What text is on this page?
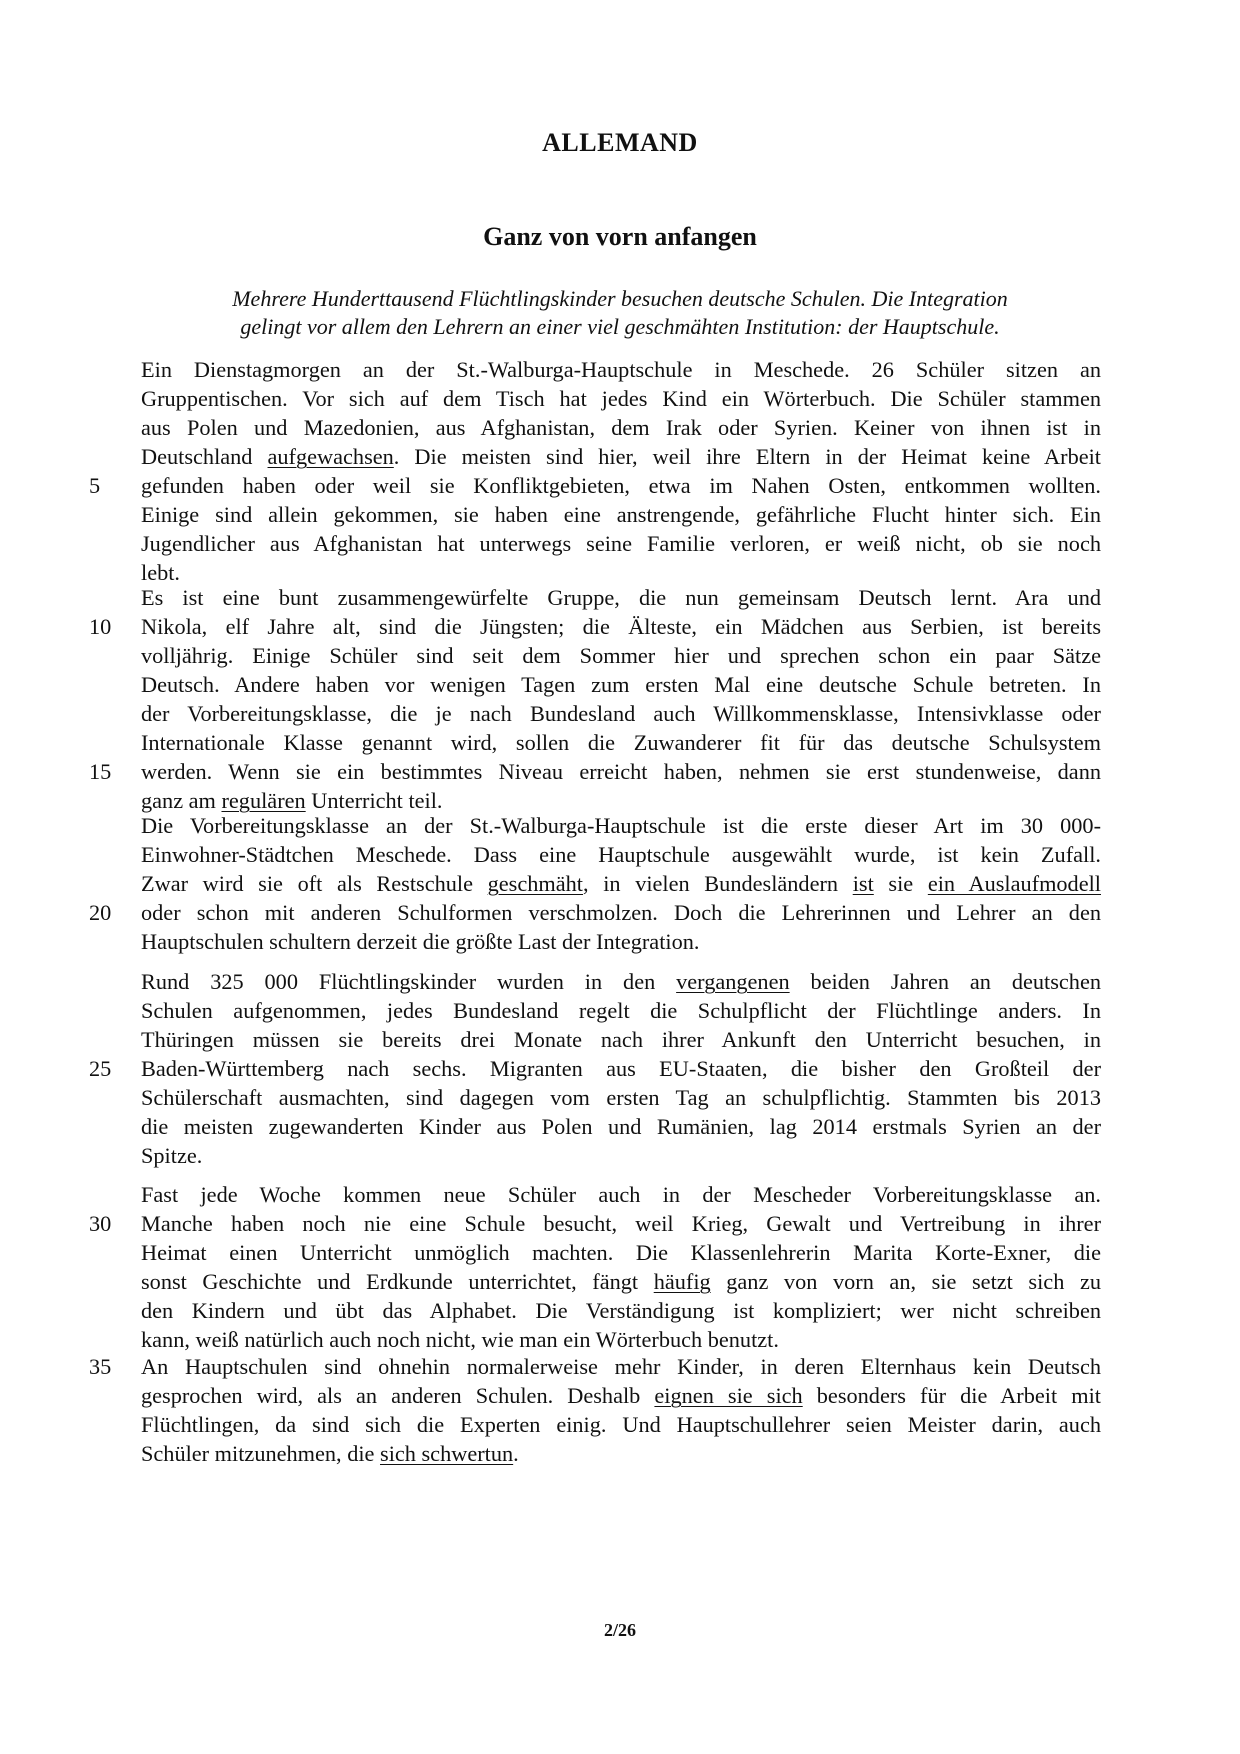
ALLEMAND
Ganz von vorn anfangen

Mehrere Hunderttausend Flüchtlingskinder besuchen deutsche Schulen. Die Integration
gelingt vor allem den Lehrern an einer viel geschmähten Institution: der Hauptschule.

Ein Dienstagmorgen an der St.-Walburga-Hauptschule in Meschede. 26 Schüler sitzen an
Gruppentischen. Vor sich auf dem Tisch hat jedes Kind ein Wörterbuch. Die Schüler stammen
aus Polen und Mazedonien, aus Afghanistan, dem Irak oder Syrien. Keiner von ihnen ist in
Deutschland aufgewachsen. Die meisten sind hier, weil ihre Eltern in der Heimat keine Arbeit
5	gefunden haben oder weil sie Konfliktgebieten, etwa im Nahen Osten, entkommen wollten.
Einige sind allein gekommen, sie haben eine anstrengende, gefährliche Flucht hinter sich. Ein
Jugendlicher aus Afghanistan hat unterwegs seine Familie verloren, er weiß nicht, ob sie noch
lebt.
Es ist eine bunt zusammengewürfelte Gruppe, die nun gemeinsam Deutsch lernt. Ara und
10	Nikola, elf Jahre alt, sind die Jüngsten; die Älteste, ein Mädchen aus Serbien, ist bereits
volljährig. Einige Schüler sind seit dem Sommer hier und sprechen schon ein paar Sätze
Deutsch. Andere haben vor wenigen Tagen zum ersten Mal eine deutsche Schule betreten. In
der Vorbereitungsklasse, die je nach Bundesland auch Willkommensklasse, Intensivklasse oder
Internationale Klasse genannt wird, sollen die Zuwanderer fit für das deutsche Schulsystem
15	werden. Wenn sie ein bestimmtes Niveau erreicht haben, nehmen sie erst stundenweise, dann
ganz am regulären Unterricht teil.
Die Vorbereitungsklasse an der St.-Walburga-Hauptschule ist die erste dieser Art im 30 000-
Einwohner-Städtchen Meschede. Dass eine Hauptschule ausgewählt wurde, ist kein Zufall.
Zwar wird sie oft als Restschule geschmäht, in vielen Bundesländern ist sie ein Auslaufmodell
20	oder schon mit anderen Schulformen verschmolzen. Doch die Lehrerinnen und Lehrer an den
Hauptschulen schultern derzeit die größte Last der Integration.
Rund 325 000 Flüchtlingskinder wurden in den vergangenen beiden Jahren an deutschen
Schulen aufgenommen, jedes Bundesland regelt die Schulpflicht der Flüchtlinge anders. In
Thüringen müssen sie bereits drei Monate nach ihrer Ankunft den Unterricht besuchen, in
25	Baden-Württemberg nach sechs. Migranten aus EU-Staaten, die bisher den Großteil der
Schülerschaft ausmachten, sind dagegen vom ersten Tag an schulpflichtig. Stammten bis 2013
die meisten zugewanderten Kinder aus Polen und Rumänien, lag 2014 erstmals Syrien an der
Spitze.
Fast jede Woche kommen neue Schüler auch in der Mescheder Vorbereitungsklasse an.
30	Manche haben noch nie eine Schule besucht, weil Krieg, Gewalt und Vertreibung in ihrer
Heimat einen Unterricht unmöglich machten. Die Klassenlehrerin Marita Korte-Exner, die
sonst Geschichte und Erdkunde unterrichtet, fängt häufig ganz von vorn an, sie setzt sich zu
den Kindern und übt das Alphabet. Die Verständigung ist kompliziert; wer nicht schreiben
kann, weiß natürlich auch noch nicht, wie man ein Wörterbuch benutzt.
35	An Hauptschulen sind ohnehin normalerweise mehr Kinder, in deren Elternhaus kein Deutsch
gesprochen wird, als an anderen Schulen. Deshalb eignen sie sich besonders für die Arbeit mit
Flüchtlingen, da sind sich die Experten einig. Und Hauptschullehrer seien Meister darin, auch
Schüler mitzunehmen, die sich schwertun.
2/26
